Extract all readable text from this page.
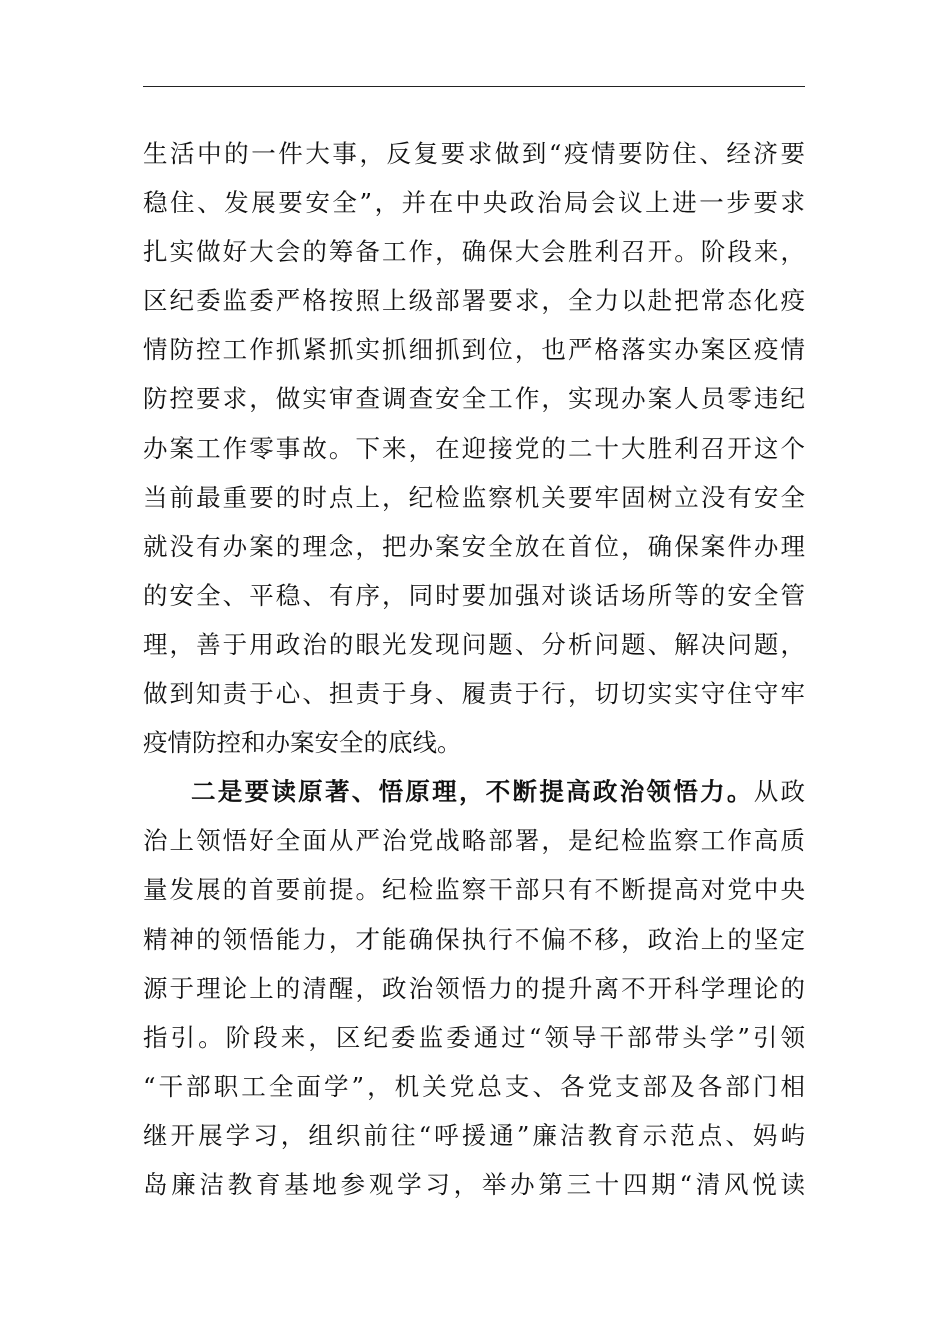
生活中的一件大事，反复要求做到“疫情要防住、经济要
稳住、发展要安全”，并在中央政治局会议上进一步要求
扎实做好大会的筹备工作，确保大会胜利召开。阶段来，
区纪委监委严格按照上级部署要求，全力以赴把常态化疫
情防控工作抓紧抓实抓细抓到位，也严格落实办案区疫情
防控要求，做实审查调查安全工作，实现办案人员零违纪
办案工作零事故。下来，在迎接党的二十大胜利召开这个
当前最重要的时点上，纪检监察机关要牢固树立没有安全
就没有办案的理念，把办案安全放在首位，确保案件办理
的安全、平稳、有序，同时要加强对谈话场所等的安全管
理，善于用政治的眼光发现问题、分析问题、解决问题，
做到知责于心、担责于身、履责于行，切切实实守住守牢
疫情防控和办案安全的底线。
二是要读原著、悟原理，不断提高政治领悟力。从政
治上领悟好全面从严治党战略部署，是纪检监察工作高质
量发展的首要前提。纪检监察干部只有不断提高对党中央
精神的领悟能力，才能确保执行不偏不移，政治上的坚定
源于理论上的清醒，政治领悟力的提升离不开科学理论的
指引。阶段来，区纪委监委通过“领导干部带头学”引领
“干部职工全面学”，机关党总支、各党支部及各部门相
继开展学习，组织前往“呼援通”廉洁教育示范点、妈屿
岛廉洁教育基地参观学习，举办第三十四期“清风悦读
